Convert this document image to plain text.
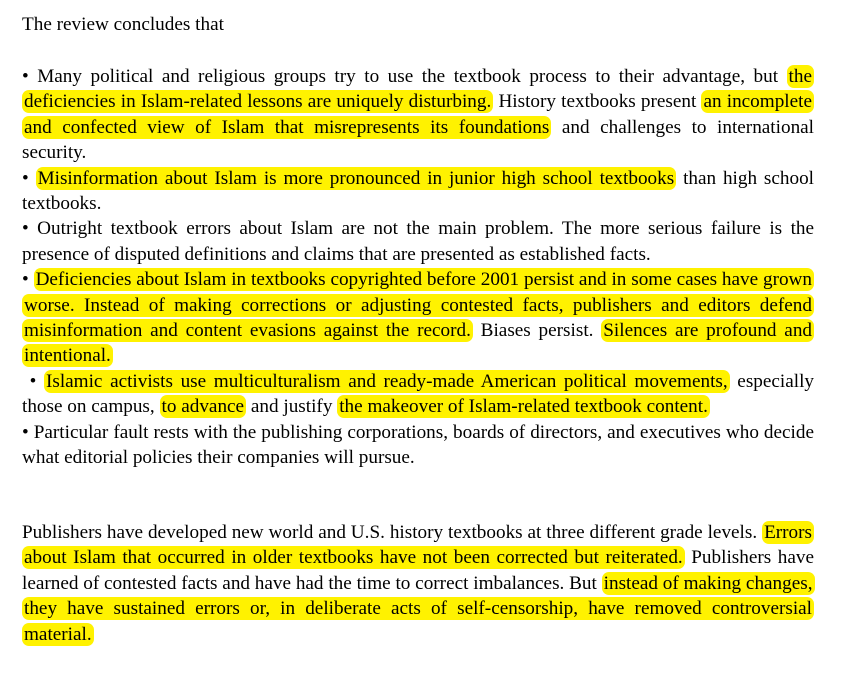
The review concludes that

• Many political and religious groups try to use the textbook process to their advantage, but the deficiencies in Islam-related lessons are uniquely disturbing. History textbooks present an incomplete and confected view of Islam that misrepresents its foundations and challenges to international security.
• Misinformation about Islam is more pronounced in junior high school textbooks than high school textbooks.
• Outright textbook errors about Islam are not the main problem. The more serious failure is the presence of disputed definitions and claims that are presented as established facts.
• Deficiencies about Islam in textbooks copyrighted before 2001 persist and in some cases have grown worse. Instead of making corrections or adjusting contested facts, publishers and editors defend misinformation and content evasions against the record. Biases persist. Silences are profound and intentional.
• Islamic activists use multiculturalism and ready-made American political movements, especially those on campus, to advance and justify the makeover of Islam-related textbook content.
• Particular fault rests with the publishing corporations, boards of directors, and executives who decide what editorial policies their companies will pursue.

Publishers have developed new world and U.S. history textbooks at three different grade levels. Errors about Islam that occurred in older textbooks have not been corrected but reiterated. Publishers have learned of contested facts and have had the time to correct imbalances. But instead of making changes, they have sustained errors or, in deliberate acts of self-censorship, have removed controversial material.
